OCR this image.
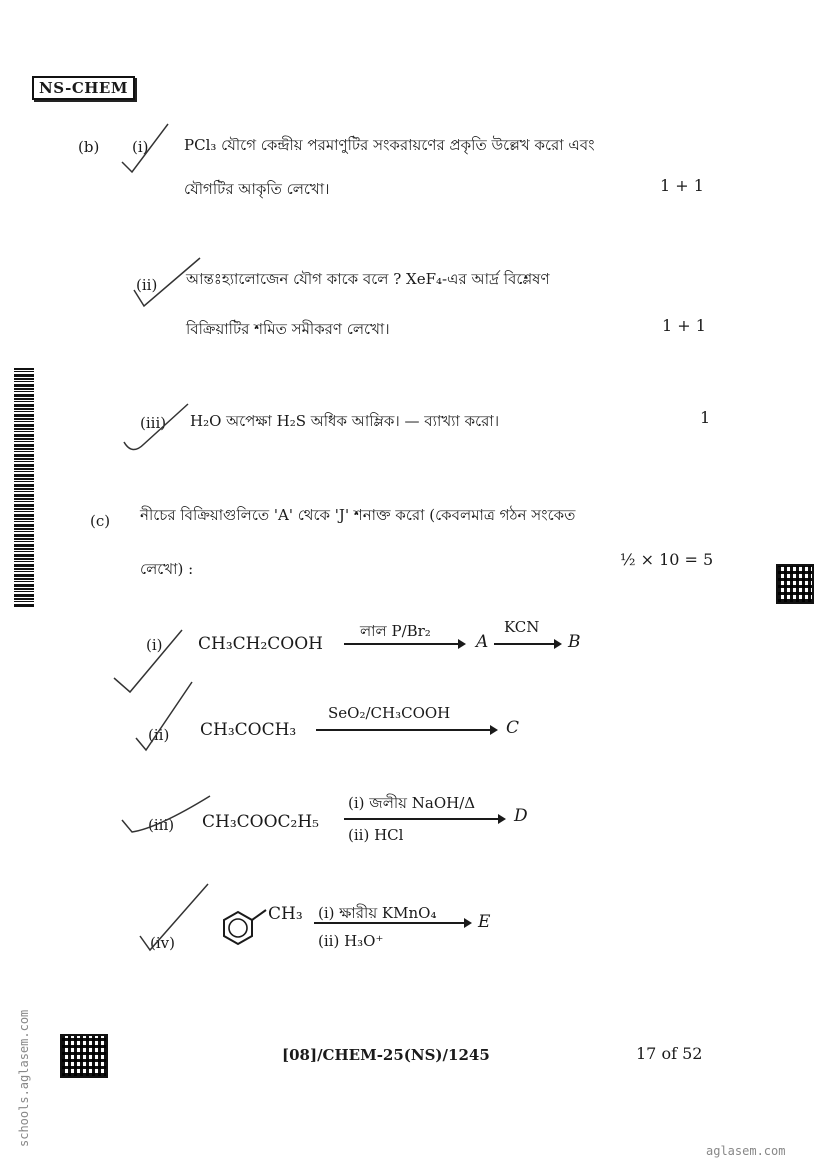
NS-CHEM
(b) (i) PCl₃ যৌগে কেন্দ্রীয় পরমাণুটির সংকরায়ণের প্রকৃতি উল্লেখ করো এবং
যৌগটির আকৃতি লেখো।	1 + 1
(ii) আন্তঃহ্যালোজেন যৌগ কাকে বলে ? XeF₄-এর আর্দ্র বিশ্লেষণ
বিক্রিয়াটির শমিত সমীকরণ লেখো।	1 + 1
(iii) H₂O অপেক্ষা H₂S অধিক আম্লিক। — ব্যাখ্যা করো।	1
(c) নীচের বিক্রিয়াগুলিতে 'A' থেকে 'J' শনাক্ত করো (কেবলমাত্র গঠন সংকেত
লেখো) :	½ × 10 = 5
(i) CH₃CH₂COOH
লাল P/Br₂
A
KCN
B
(ii) CH₃COCH₃
SeO₂/CH₃COOH
C
(iii) CH₃COOC₂H₅
(i) জলীয় NaOH/Δ
(ii) HCl
D
(iv)
CH₃ (i) ক্ষারীয় KMnO₄
(ii) H₃O⁺
E
[08]/CHEM-25(NS)/1245	17 of 52
schools.aglasem.com
aglasem.com
